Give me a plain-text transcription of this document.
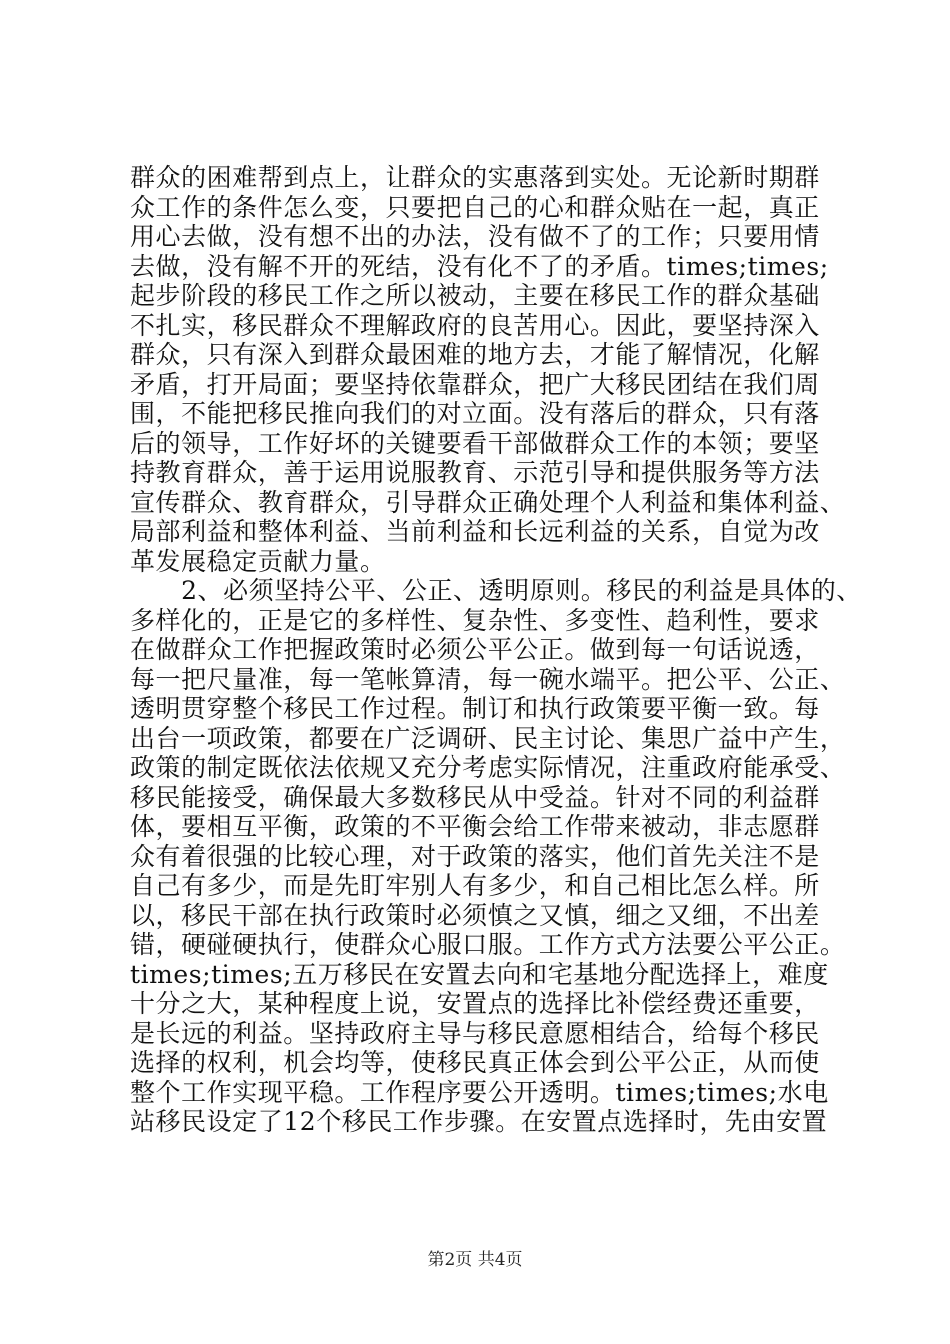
群众的困难帮到点上，让群众的实惠落到实处。无论新时期群
众工作的条件怎么变，只要把自己的心和群众贴在一起，真正
用心去做，没有想不出的办法，没有做不了的工作；只要用情
去做，没有解不开的死结，没有化不了的矛盾。times;times;
起步阶段的移民工作之所以被动，主要在移民工作的群众基础
不扎实，移民群众不理解政府的良苦用心。因此，要坚持深入
群众，只有深入到群众最困难的地方去，才能了解情况，化解
矛盾，打开局面；要坚持依靠群众，把广大移民团结在我们周
围，不能把移民推向我们的对立面。没有落后的群众，只有落
后的领导，工作好坏的关键要看干部做群众工作的本领；要坚
持教育群众，善于运用说服教育、示范引导和提供服务等方法
宣传群众、教育群众，引导群众正确处理个人利益和集体利益、
局部利益和整体利益、当前利益和长远利益的关系，自觉为改
革发展稳定贡献力量。
　　2、必须坚持公平、公正、透明原则。移民的利益是具体的、
多样化的，正是它的多样性、复杂性、多变性、趋利性，要求
在做群众工作把握政策时必须公平公正。做到每一句话说透，
每一把尺量准，每一笔帐算清，每一碗水端平。把公平、公正、
透明贯穿整个移民工作过程。制订和执行政策要平衡一致。每
出台一项政策，都要在广泛调研、民主讨论、集思广益中产生，
政策的制定既依法依规又充分考虑实际情况，注重政府能承受、
移民能接受，确保最大多数移民从中受益。针对不同的利益群
体，要相互平衡，政策的不平衡会给工作带来被动，非志愿群
众有着很强的比较心理，对于政策的落实，他们首先关注不是
自己有多少，而是先盯牢别人有多少，和自己相比怎么样。所
以，移民干部在执行政策时必须慎之又慎，细之又细，不出差
错，硬碰硬执行，使群众心服口服。工作方式方法要公平公正。
times;times;五万移民在安置去向和宅基地分配选择上，难度
十分之大，某种程度上说，安置点的选择比补偿经费还重要，
是长远的利益。坚持政府主导与移民意愿相结合，给每个移民
选择的权利，机会均等，使移民真正体会到公平公正，从而使
整个工作实现平稳。工作程序要公开透明。times;times;水电
站移民设定了12个移民工作步骤。在安置点选择时，先由安置
第2页 共4页
